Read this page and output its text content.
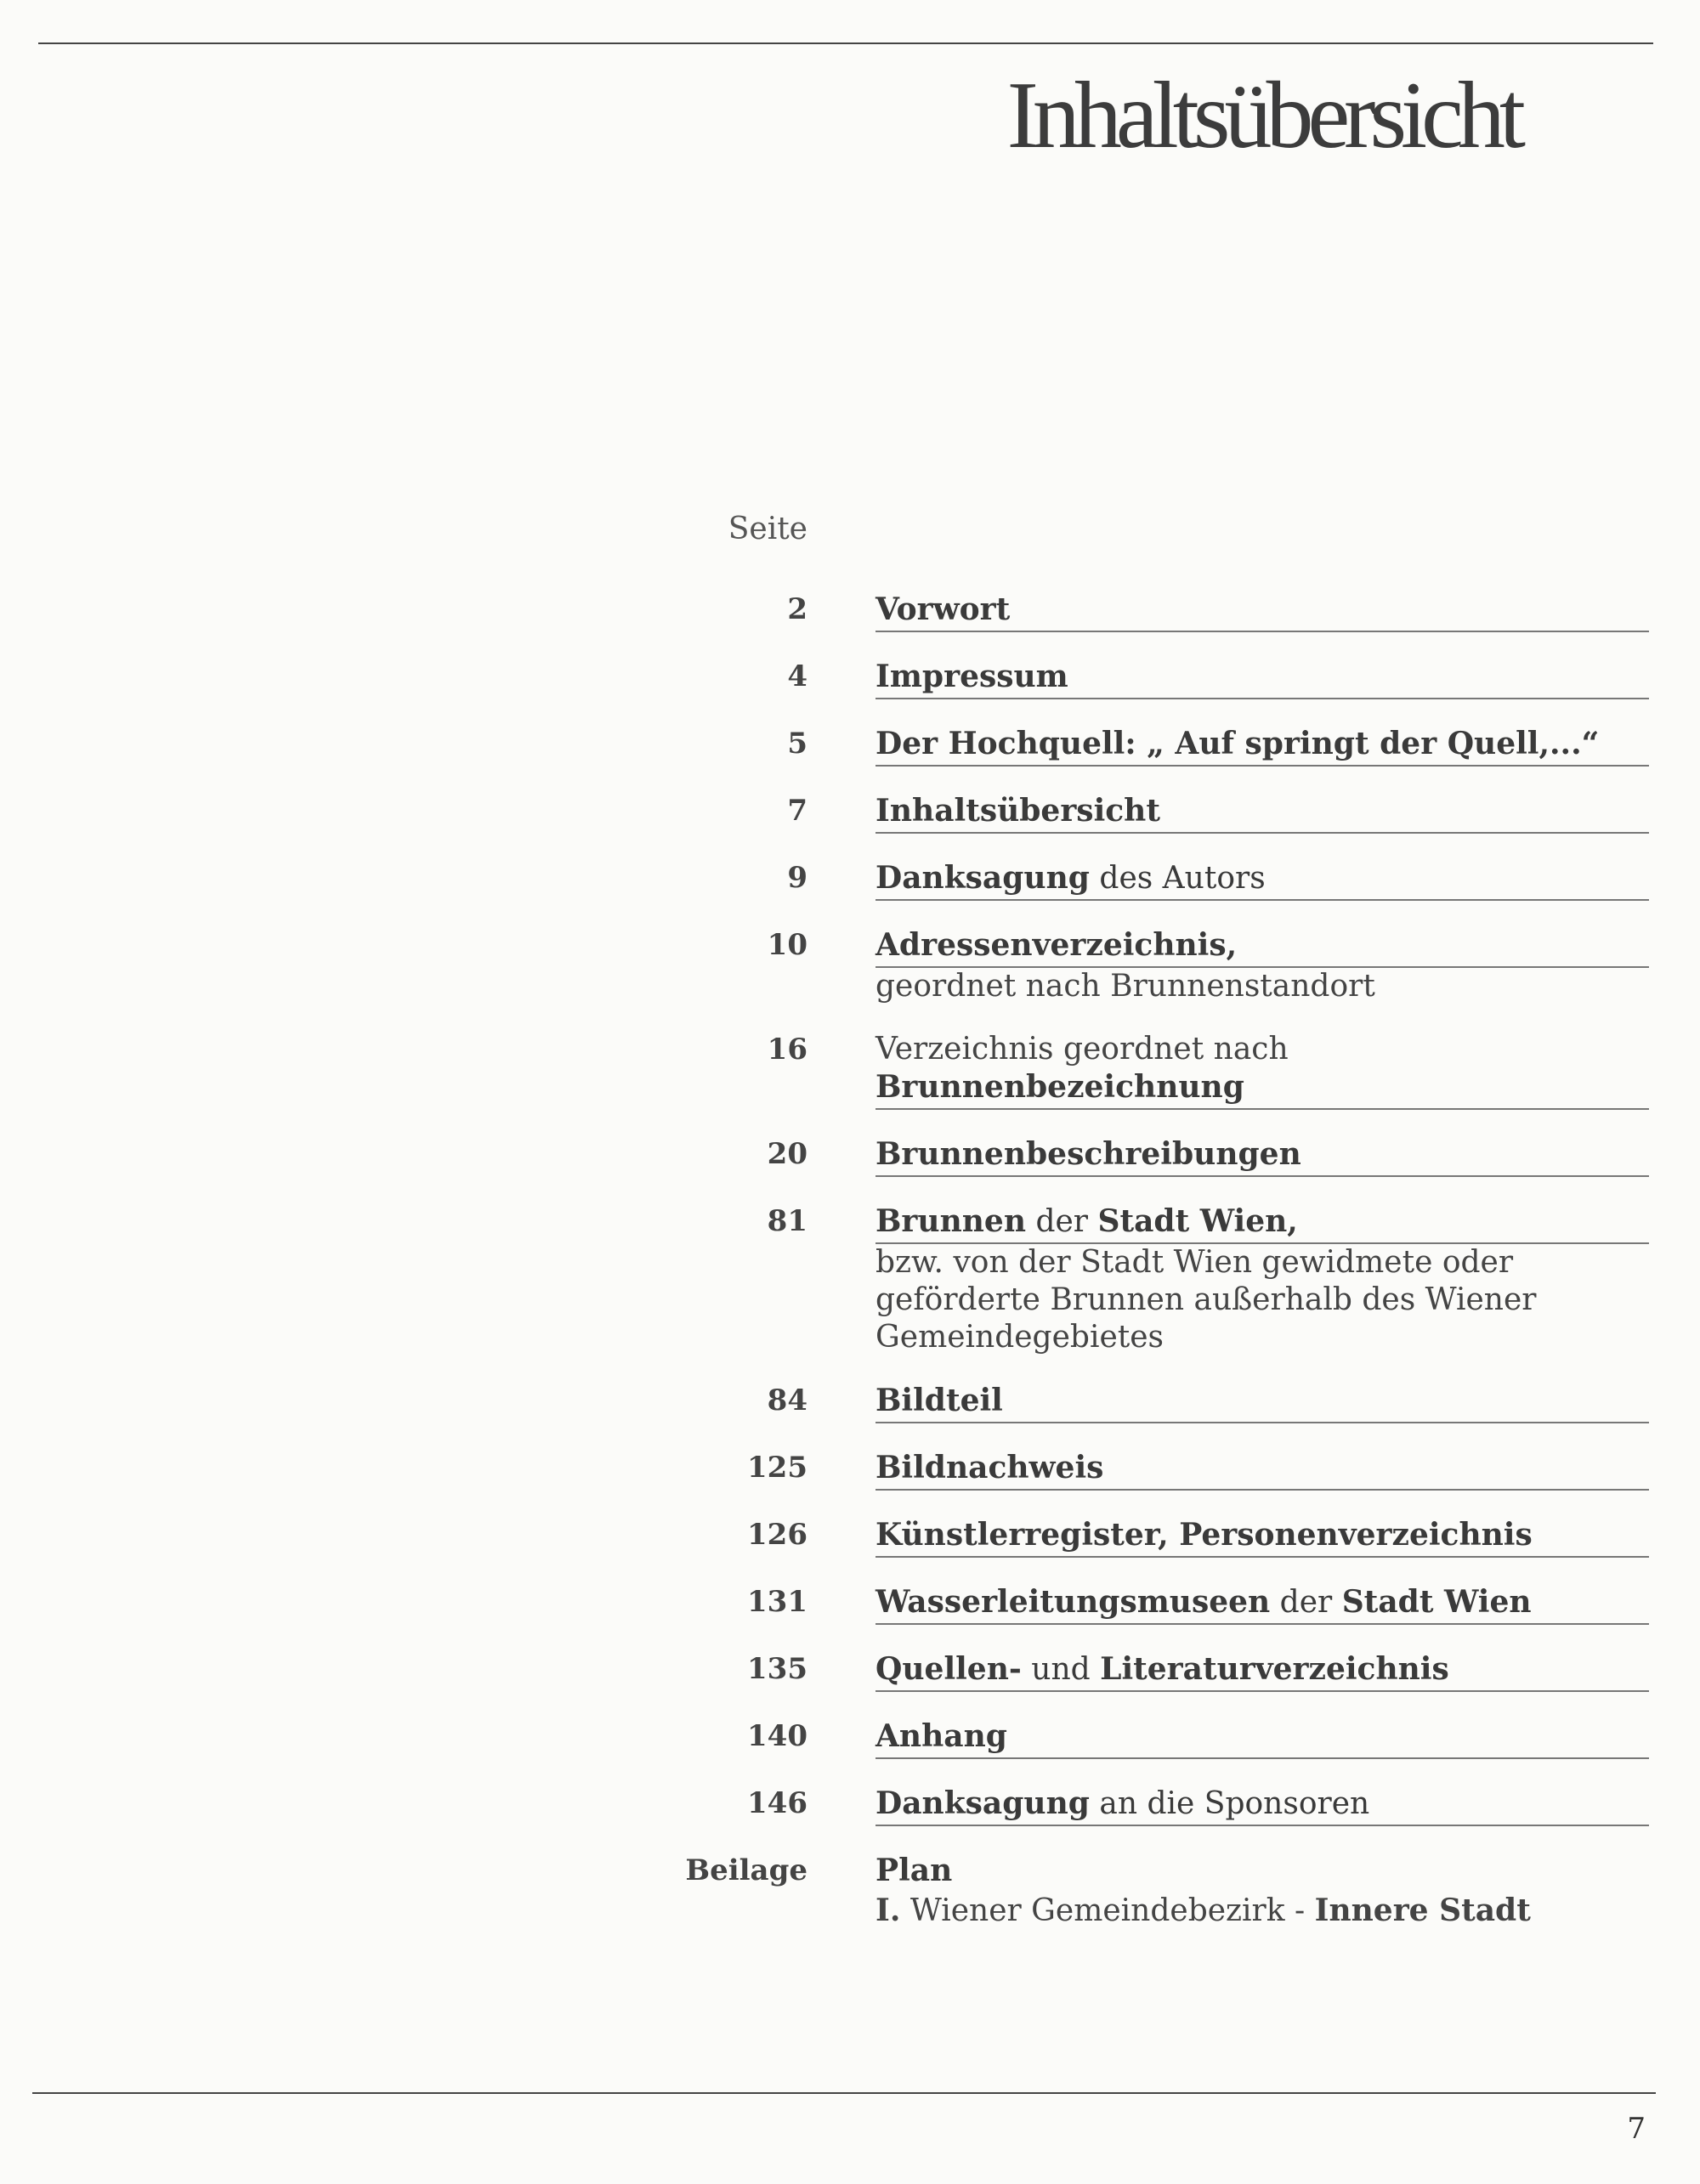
Inhaltsübersicht
Seite
2 Vorwort
4 Impressum
5 Der Hochquell: „ Auf springt der Quell,...“
7 Inhaltsübersicht
9 Danksagung des Autors
10 Adressenverzeichnis,
geordnet nach Brunnenstandort
16 Verzeichnis geordnet nach
Brunnenbezeichnung
20 Brunnenbeschreibungen
81 Brunnen der Stadt Wien,
bzw. von der Stadt Wien gewidmete oder
geförderte Brunnen außerhalb des Wiener
Gemeindegebietes
84 Bildteil
125 Bildnachweis
126 Künstlerregister, Personenverzeichnis
131 Wasserleitungsmuseen der Stadt Wien
135 Quellen- und Literaturverzeichnis
140 Anhang
146 Danksagung an die Sponsoren
Beilage Plan
I. Wiener Gemeindebezirk - Innere Stadt
7
